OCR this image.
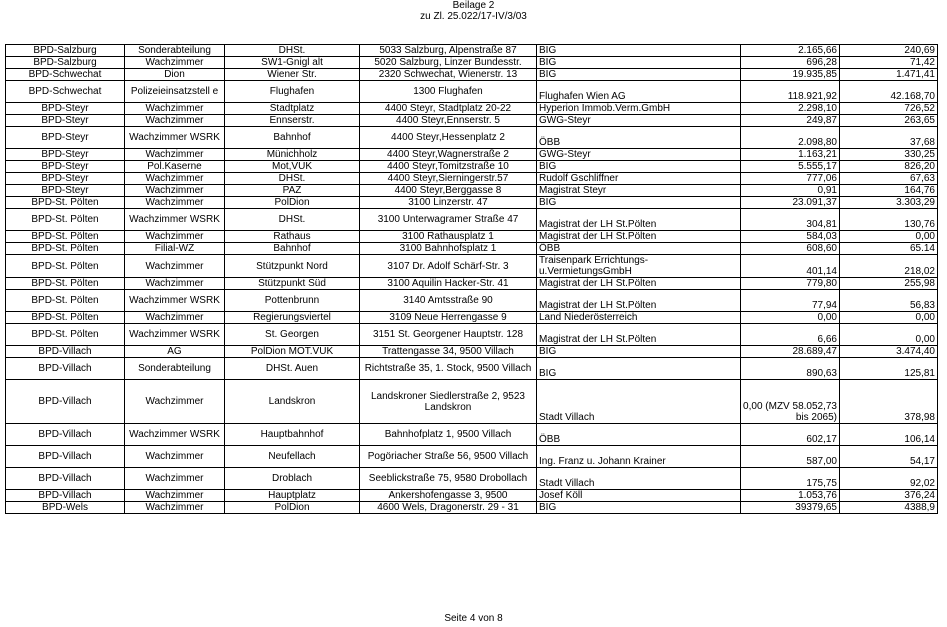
Beilage 2
zu Zl. 25.022/17-IV/3/03
BPD-Salzburg	Sonderabteilung	DHSt.	5033 Salzburg, Alpenstraße 87	BIG	2.165,66	240,69
BPD-Salzburg	Wachzimmer	SW1-Gnigl alt	5020 Salzburg, Linzer Bundesstr.	BIG	696,28	71,42
BPD-Schwechat	Dion	Wiener Str.	2320 Schwechat, Wienerstr. 13	BIG	19.935,85	1.471,41
BPD-Schwechat	Polizeieinsatzstell e	Flughafen	1300 Flughafen	Flughafen Wien AG	118.921,92	42.168,70
BPD-Steyr	Wachzimmer	Stadtplatz	4400 Steyr, Stadtplatz 20-22	Hyperion Immob.Verm.GmbH	2.298,10	726,52
BPD-Steyr	Wachzimmer	Ennserstr.	4400 Steyr,Ennserstr. 5	GWG-Steyr	249,87	263,65
BPD-Steyr	Wachzimmer WSRK	Bahnhof	4400 Steyr,Hessenplatz 2	ÖBB	2.098,80	37,68
BPD-Steyr	Wachzimmer	Münichholz	4400 Steyr,Wagnerstraße 2	GWG-Steyr	1.163,21	330,25
BPD-Steyr	Pol.Kaserne	Mot,VUK	4400 Steyr,Tomitzstraße 10	BIG	5.555,17	826,20
BPD-Steyr	Wachzimmer	DHSt.	4400 Steyr,Sierningerstr.57	Rudolf Gschliffner	777,06	67,63
BPD-Steyr	Wachzimmer	PAZ	4400 Steyr,Berggasse 8	Magistrat Steyr	0,91	164,76
BPD-St. Pölten	Wachzimmer	PolDion	3100 Linzerstr. 47	BIG	23.091,37	3.303,29
BPD-St. Pölten	Wachzimmer WSRK	DHSt.	3100 Unterwagramer Straße 47	Magistrat der LH St.Pölten	304,81	130,76
BPD-St. Pölten	Wachzimmer	Rathaus	3100 Rathausplatz 1	Magistrat der LH St.Pölten	584,03	0,00
BPD-St. Pölten	Filial-WZ	Bahnhof	3100 Bahnhofsplatz 1	ÖBB	608,60	65.14
BPD-St. Pölten	Wachzimmer	Stützpunkt Nord	3107 Dr. Adolf Schärf-Str. 3	Traisenpark Errichtungs- u.VermietungsGmbH	401,14	218,02
BPD-St. Pölten	Wachzimmer	Stützpunkt Süd	3100 Aquilin Hacker-Str. 41	Magistrat der LH St.Pölten	779,80	255,98
BPD-St. Pölten	Wachzimmer WSRK	Pottenbrunn	3140 Amtsstraße 90	Magistrat der LH St.Pölten	77,94	56,83
BPD-St. Pölten	Wachzimmer	Regierungsviertel	3109 Neue Herrengasse 9	Land Niederösterreich	0,00	0,00
BPD-St. Pölten	Wachzimmer WSRK	St. Georgen	3151 St. Georgener Hauptstr. 128	Magistrat der LH St.Pölten	6,66	0,00
BPD-Villach	AG	PolDion MOT.VUK	Trattengasse 34, 9500 Villach	BIG	28.689,47	3.474,40
BPD-Villach	Sonderabteilung	DHSt. Auen	Richtstraße 35, 1. Stock, 9500 Villach	BIG	890,63	125,81
BPD-Villach	Wachzimmer	Landskron	Landskroner Siedlerstraße 2, 9523 Landskron	Stadt Villach	0,00 (MZV 58.052,73 bis 2065)	378,98
BPD-Villach	Wachzimmer WSRK	Hauptbahnhof	Bahnhofplatz 1, 9500 Villach	ÖBB	602,17	106,14
BPD-Villach	Wachzimmer	Neufellach	Pogöriacher Straße 56, 9500 Villach	Ing. Franz u. Johann Krainer	587,00	54,17
BPD-Villach	Wachzimmer	Droblach	Seeblickstraße 75, 9580 Drobollach	Stadt Villach	175,75	92,02
BPD-Villach	Wachzimmer	Hauptplatz	Ankershofengasse 3, 9500	Josef Köll	1.053,76	376,24
BPD-Wels	Wachzimmer	PolDion	4600 Wels, Dragonerstr. 29 - 31	BIG	39379,65	4388,9
Seite 4 von 8
